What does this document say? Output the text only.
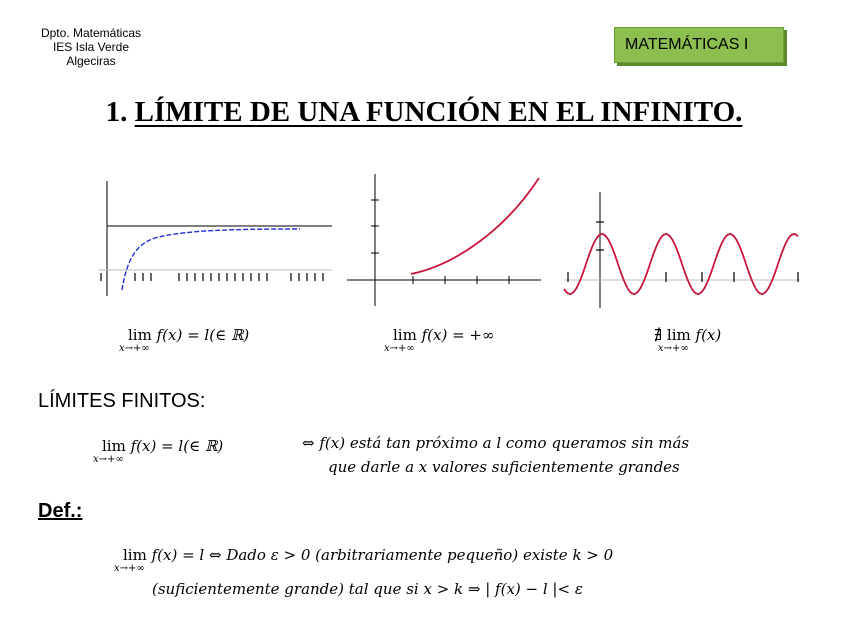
Dpto. Matemáticas
IES Isla Verde
Algeciras
MATEMÁTICAS I
1. LÍMITE DE UNA FUNCIÓN EN EL INFINITO.
lim
x→+∞
f(x) = l(∈ ℝ)	lim
x→+∞
f(x) = +∞	∄ lim
x→+∞
f(x)
LÍMITES FINITOS:
lim
x→+∞
f(x) = l(∈ ℝ)	⇔ f(x) está tan próximo a l como queramos sin más
que darle a x valores suficientemente grandes
Def.:
lim
x→+∞
f(x) = l ⇔ Dado ε > 0 (arbitrariamente pequeño) existe k > 0
(suficientemente grande) tal que si x > k ⇒ | f(x) − l |< ε
